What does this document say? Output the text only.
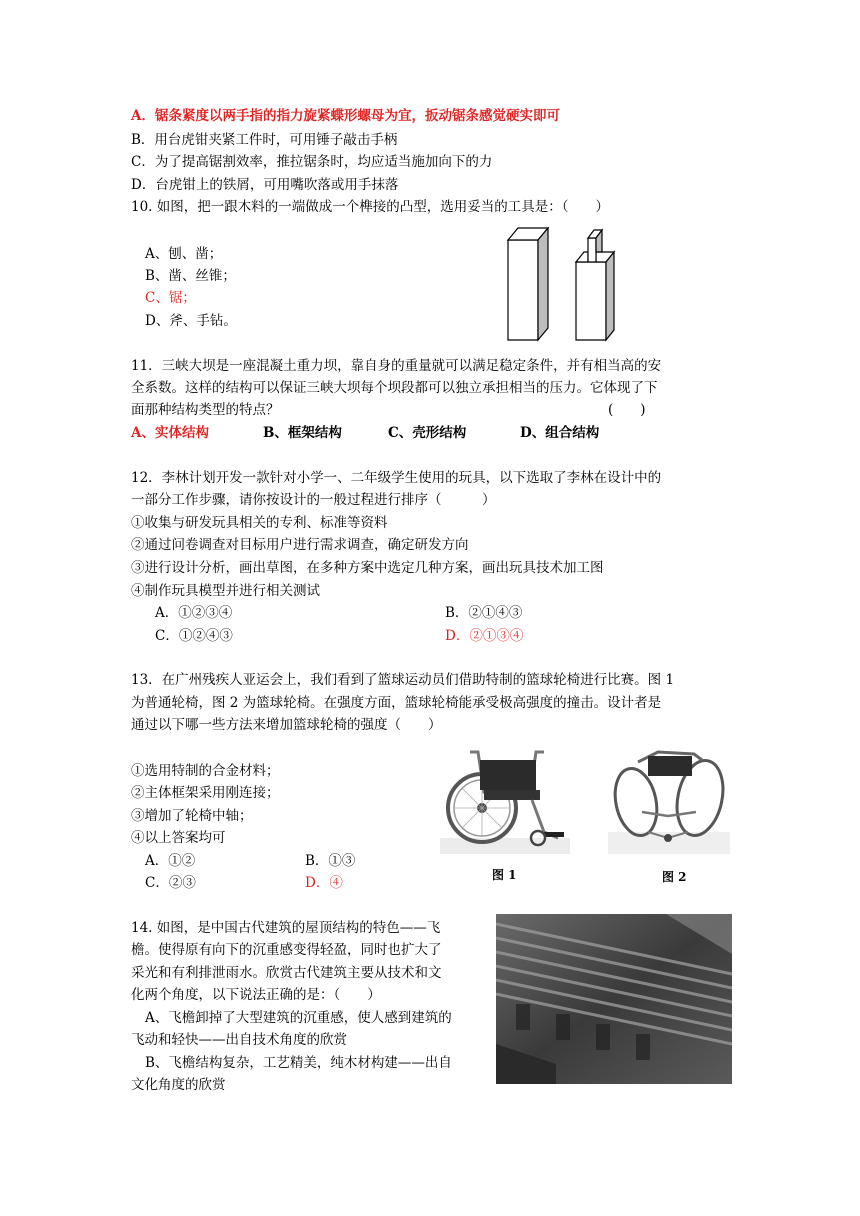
A．锯条紧度以两手指的指力旋紧蝶形螺母为宜，扳动锯条感觉硬实即可
B．用台虎钳夹紧工件时，可用锤子敲击手柄
C．为了提高锯割效率，推拉锯条时，均应适当施加向下的力
D．台虎钳上的铁屑，可用嘴吹落或用手抹落
10. 如图，把一跟木料的一端做成一个榫接的凸型，选用妥当的工具是：（　　）
A、刨、凿；
B、凿、丝锥；
C、锯；
D、斧、手钻。
11．三峡大坝是一座混凝土重力坝，靠自身的重量就可以满足稳定条件，并有相当高的安
全系数。这样的结构可以保证三峡大坝每个坝段都可以独立承担相当的压力。它体现了下
面那种结构类型的特点？	(　　)
A、实体结构	B、框架结构	C、壳形结构	D、组合结构
12．李林计划开发一款针对小学一、二年级学生使用的玩具，以下选取了李林在设计中的
一部分工作步骤，请你按设计的一般过程进行排序（　　　）
①收集与研发玩具相关的专利、标准等资料
②通过问卷调查对目标用户进行需求调查，确定研发方向
③进行设计分析，画出草图，在多种方案中选定几种方案，画出玩具技术加工图
④制作玩具模型并进行相关测试
A．①②③④	B．②①④③
C．①②④③	D．②①③④
13．在广州残疾人亚运会上，我们看到了篮球运动员们借助特制的篮球轮椅进行比赛。图 1
为普通轮椅，图 2 为篮球轮椅。在强度方面，篮球轮椅能承受极高强度的撞击。设计者是
通过以下哪一些方法来增加篮球轮椅的强度（　　）
①选用特制的合金材料；
②主体框架采用刚连接；
③增加了轮椅中轴；
④以上答案均可
A．①②	B．①③
C．②③	D．④	图 1	图 2
14. 如图，是中国古代建筑的屋顶结构的特色——飞
檐。使得原有向下的沉重感变得轻盈，同时也扩大了
采光和有利排泄雨水。欣赏古代建筑主要从技术和文
化两个角度，以下说法正确的是：（　　）
A、飞檐卸掉了大型建筑的沉重感，使人感到建筑的
飞动和轻快——出自技术角度的欣赏
B、飞檐结构复杂，工艺精美，纯木材构建——出自
文化角度的欣赏
